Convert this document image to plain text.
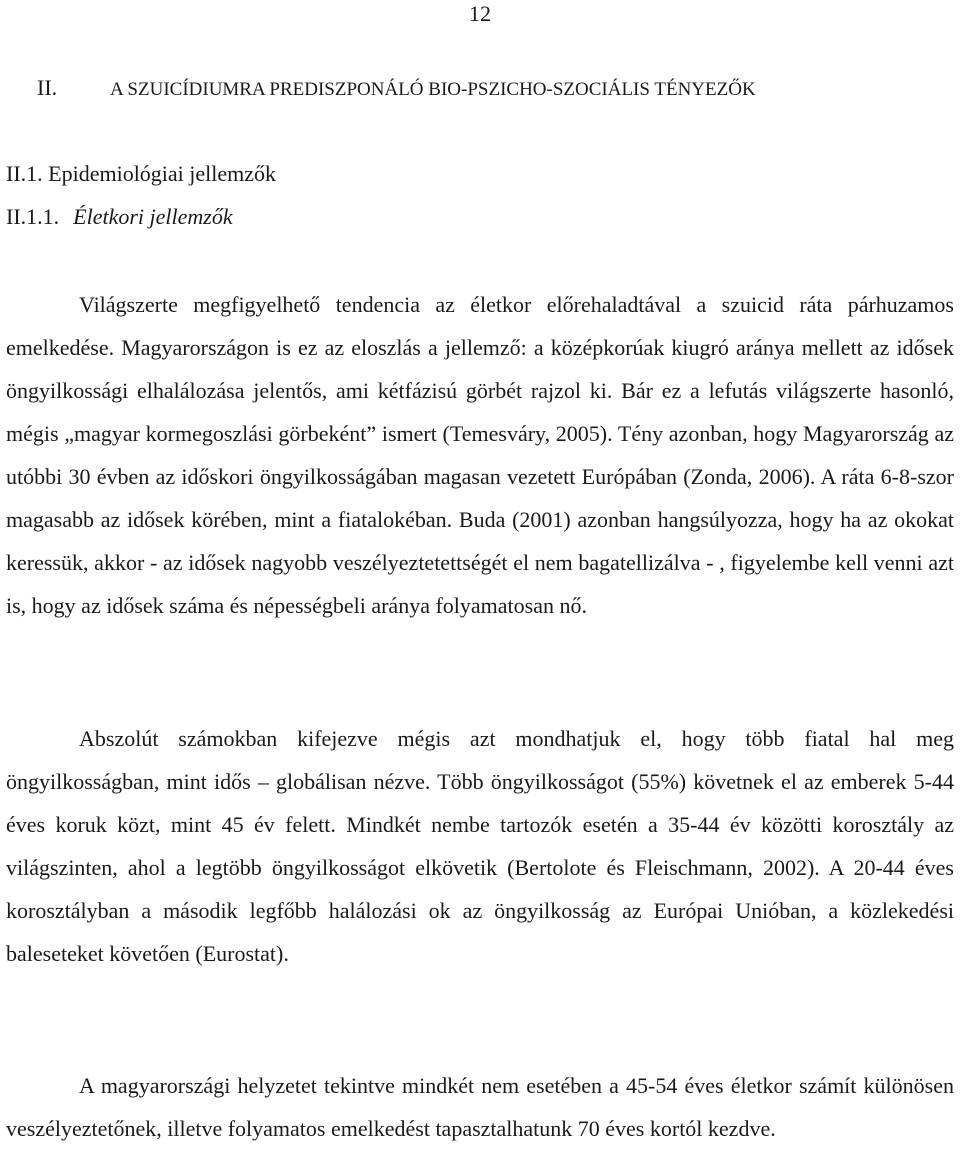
12
II.	A SZUICÍDIUMRA PREDISZPONÁLÓ BIO-PSZICHO-SZOCIÁLIS TÉNYEZŐK
II.1. Epidemiológiai jellemzők
II.1.1. Életkori jellemzők

Világszerte megfigyelhető tendencia az életkor előrehaladtával a szuicid ráta párhuzamos emelkedése. Magyarországon is ez az eloszlás a jellemző: a középkorúak kiugró aránya mellett az idősek öngyilkossági elhalálozása jelentős, ami kétfázisú görbét rajzol ki. Bár ez a lefutás világszerte hasonló, mégis „magyar kormegoszlási görbeként” ismert (Temesváry, 2005). Tény azonban, hogy Magyarország az utóbbi 30 évben az időskori öngyilkosságában magasan vezetett Európában (Zonda, 2006). A ráta 6-8-szor magasabb az idősek körében, mint a fiatalokéban. Buda (2001) azonban hangsúlyozza, hogy ha az okokat keressük, akkor - az idősek nagyobb veszélyeztetettségét el nem bagatellizálva - , figyelembe kell venni azt is, hogy az idősek száma és népességbeli aránya folyamatosan nő.

Abszolút számokban kifejezve mégis azt mondhatjuk el, hogy több fiatal hal meg öngyilkosságban, mint idős – globálisan nézve. Több öngyilkosságot (55%) követnek el az emberek 5-44 éves koruk közt, mint 45 év felett. Mindkét nembe tartozók esetén a 35-44 év közötti korosztály az világszinten, ahol a legtöbb öngyilkosságot elkövetik (Bertolote és Fleischmann, 2002). A 20-44 éves korosztályban a második legfőbb halálozási ok az öngyilkosság az Európai Unióban, a közlekedési baleseteket követően (Eurostat).

A magyarországi helyzetet tekintve mindkét nem esetében a 45-54 éves életkor számít különösen veszélyeztetőnek, illetve folyamatos emelkedést tapasztalhatunk 70 éves kortól kezdve.
